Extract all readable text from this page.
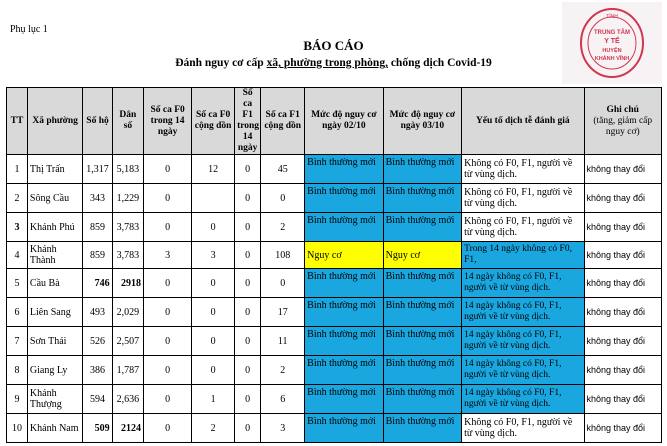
Phụ lục 1
TỈNH
TRUNG TÂM
Y TẾ
HUYỆN
KHÁNH VĨNH
BÁO CÁO
Đánh nguy cơ cấp xã, phường trong phòng, chống dịch Covid-19
TT	Xã phường	Số hộ	Dân số	Số ca F0 trong 14 ngày	Số ca F0 cộng dồn	Số ca F1 trong 14 ngày	Số ca F1 cộng dồn	Mức độ nguy cơ ngày 02/10	Mức độ nguy cơ ngày 03/10	Yếu tố dịch tễ đánh giá	Ghi chú
(tăng, giảm cấp nguy cơ)
1	Thị Trấn	1,317	5,183	0	12	0	45	Bình thường mới	Bình thường mới	Không có F0, F1, người về từ vùng dịch.	không thay đổi
2	Sông Cầu	343	1,229	0		0	0	Bình thường mới	Bình thường mới	Không có F0, F1, người về từ vùng dịch.	không thay đổi
3	Khánh Phú	859	3,783	0	0	0	2	Bình thường mới	Bình thường mới	Không có F0, F1, người về từ vùng dịch.	không thay đổi
4	Khánh Thành	859	3,783	3	3	0	108	Nguy cơ	Nguy cơ	Trong 14 ngày không có F0, F1,	không thay đổi
5	Cầu Bà	746	2918	0	0	0	0	Bình thường mới	Bình thường mới	14 ngày không có F0, F1, người về từ vùng dịch.	không thay đổi
6	Liên Sang	493	2,029	0	0	0	17	Bình thường mới	Bình thường mới	14 ngày không có F0, F1, người về từ vùng dịch.	không thay đổi
7	Sơn Thái	526	2,507	0	0	0	11	Bình thường mới	Bình thường mới	14 ngày không có F0, F1, người về từ vùng dịch.	không thay đổi
8	Giang Ly	386	1,787	0	0	0	2	Bình thường mới	Bình thường mới	14 ngày không có F0, F1, người về từ vùng dịch.	không thay đổi
9	Khánh Thượng	594	2,636	0	1	0	6	Bình thường mới	Bình thường mới	14 ngày không có F0, F1, người về từ vùng dịch.	không thay đổi
10	Khánh Nam	509	2124	0	2	0	3	Bình thường mới	Bình thường mới	Không có F0, F1, người về từ vùng dịch.	không thay đổi
